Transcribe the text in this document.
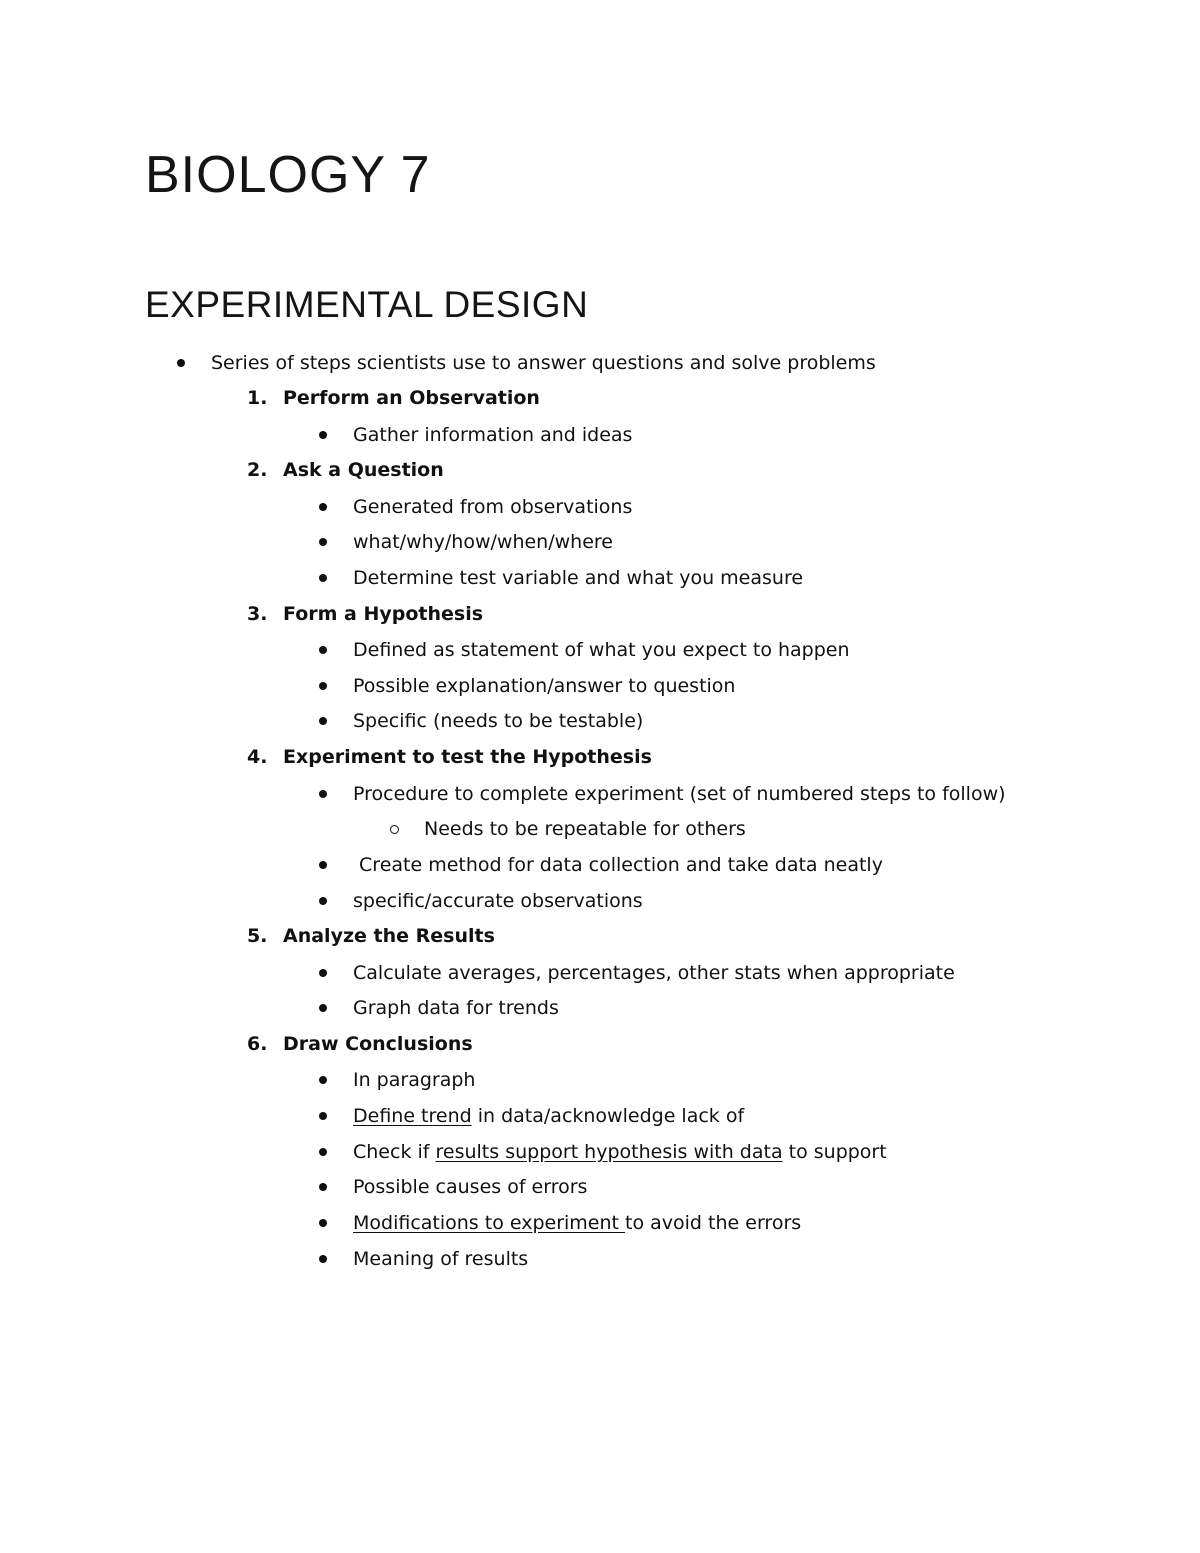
BIOLOGY 7
EXPERIMENTAL DESIGN
Series of steps scientists use to answer questions and solve problems
1. Perform an Observation
Gather information and ideas
2. Ask a Question
Generated from observations
what/why/how/when/where
Determine test variable and what you measure
3. Form a Hypothesis
Defined as statement of what you expect to happen
Possible explanation/answer to question
Specific (needs to be testable)
4. Experiment to test the Hypothesis
Procedure to complete experiment (set of numbered steps to follow)
Needs to be repeatable for others
Create method for data collection and take data neatly
specific/accurate observations
5. Analyze the Results
Calculate averages, percentages, other stats when appropriate
Graph data for trends
6. Draw Conclusions
In paragraph
Define trend in data/acknowledge lack of
Check if results support hypothesis with data to support
Possible causes of errors
Modifications to experiment to avoid the errors
Meaning of results
